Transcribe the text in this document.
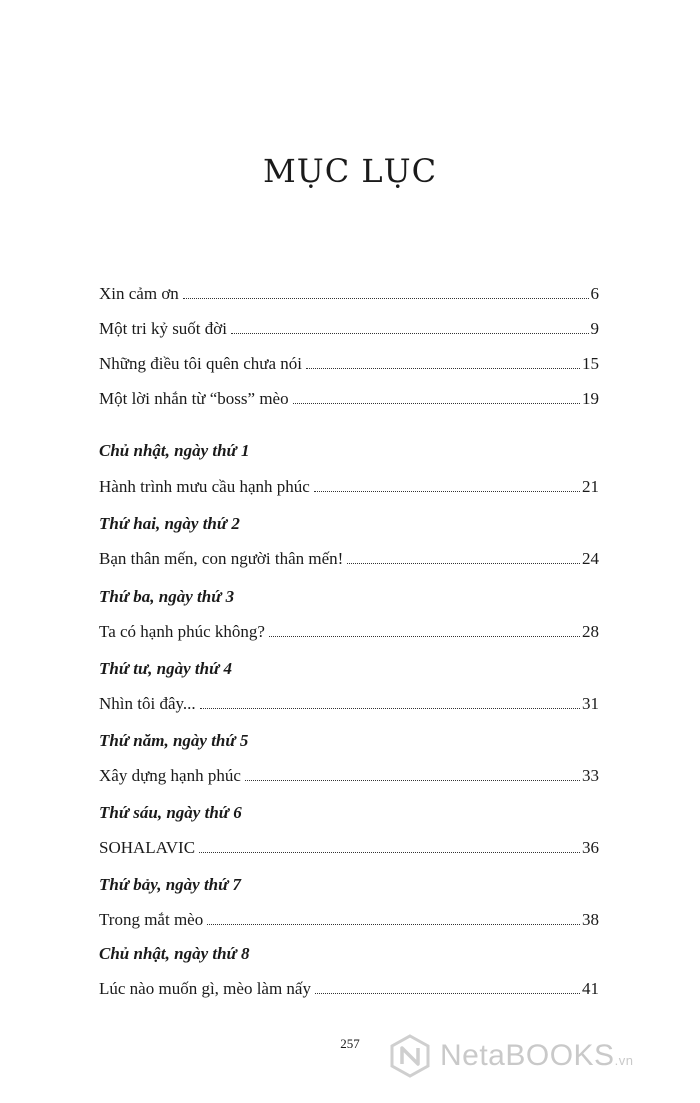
MỤC LỤC
Xin cảm ơn	6
Một tri kỷ suốt đời	9
Những điều tôi quên chưa nói	15
Một lời nhắn từ “boss” mèo	19
Chủ nhật, ngày thứ 1
Hành trình mưu cầu hạnh phúc	21
Thứ hai, ngày thứ 2
Bạn thân mến, con người thân mến!	24
Thứ ba, ngày thứ 3
Ta có hạnh phúc không?	28
Thứ tư, ngày thứ 4
Nhìn tôi đây...	31
Thứ năm, ngày thứ 5
Xây dựng hạnh phúc	33
Thứ sáu, ngày thứ 6
SOHALAVIC	36
Thứ bảy, ngày thứ 7
Trong mắt mèo	38
Chủ nhật, ngày thứ 8
Lúc nào muốn gì, mèo làm nấy	41
257	NetaBOOKS.vn
